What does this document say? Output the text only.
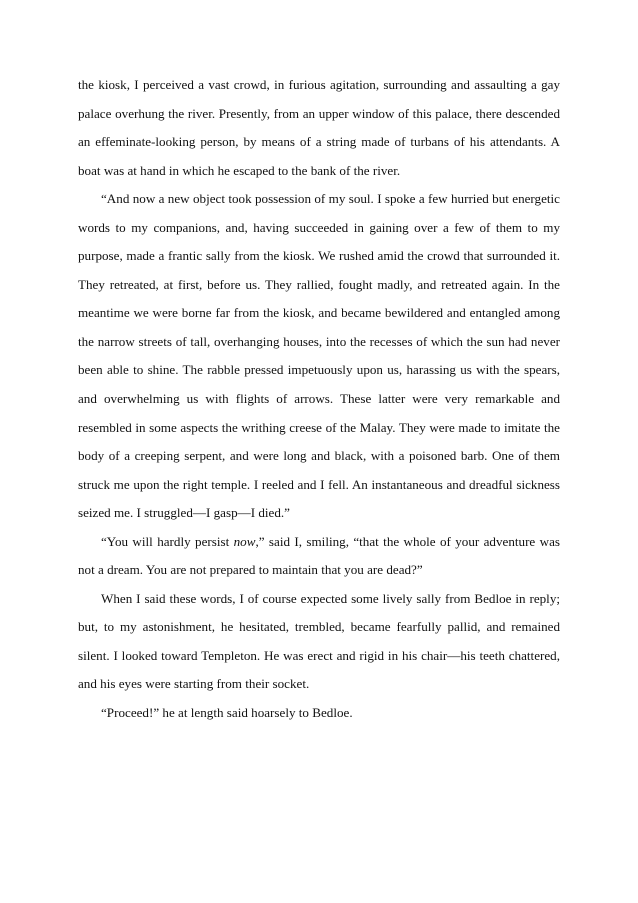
the kiosk, I perceived a vast crowd, in furious agitation, surrounding and assaulting a gay palace overhung the river. Presently, from an upper window of this palace, there descended an effeminate-looking person, by means of a string made of turbans of his attendants. A boat was at hand in which he escaped to the bank of the river.

“And now a new object took possession of my soul. I spoke a few hurried but energetic words to my companions, and, having succeeded in gaining over a few of them to my purpose, made a frantic sally from the kiosk. We rushed amid the crowd that surrounded it. They retreated, at first, before us. They rallied, fought madly, and retreated again. In the meantime we were borne far from the kiosk, and became bewildered and entangled among the narrow streets of tall, overhanging houses, into the recesses of which the sun had never been able to shine. The rabble pressed impetuously upon us, harassing us with the spears, and overwhelming us with flights of arrows. These latter were very remarkable and resembled in some aspects the writhing creese of the Malay. They were made to imitate the body of a creeping serpent, and were long and black, with a poisoned barb. One of them struck me upon the right temple. I reeled and I fell. An instantaneous and dreadful sickness seized me. I struggled—I gasp—I died.”

“You will hardly persist now,” said I, smiling, “that the whole of your adventure was not a dream. You are not prepared to maintain that you are dead?”

When I said these words, I of course expected some lively sally from Bedloe in reply; but, to my astonishment, he hesitated, trembled, became fearfully pallid, and remained silent. I looked toward Templeton. He was erect and rigid in his chair—his teeth chattered, and his eyes were starting from their socket.

“Proceed!” he at length said hoarsely to Bedloe.
